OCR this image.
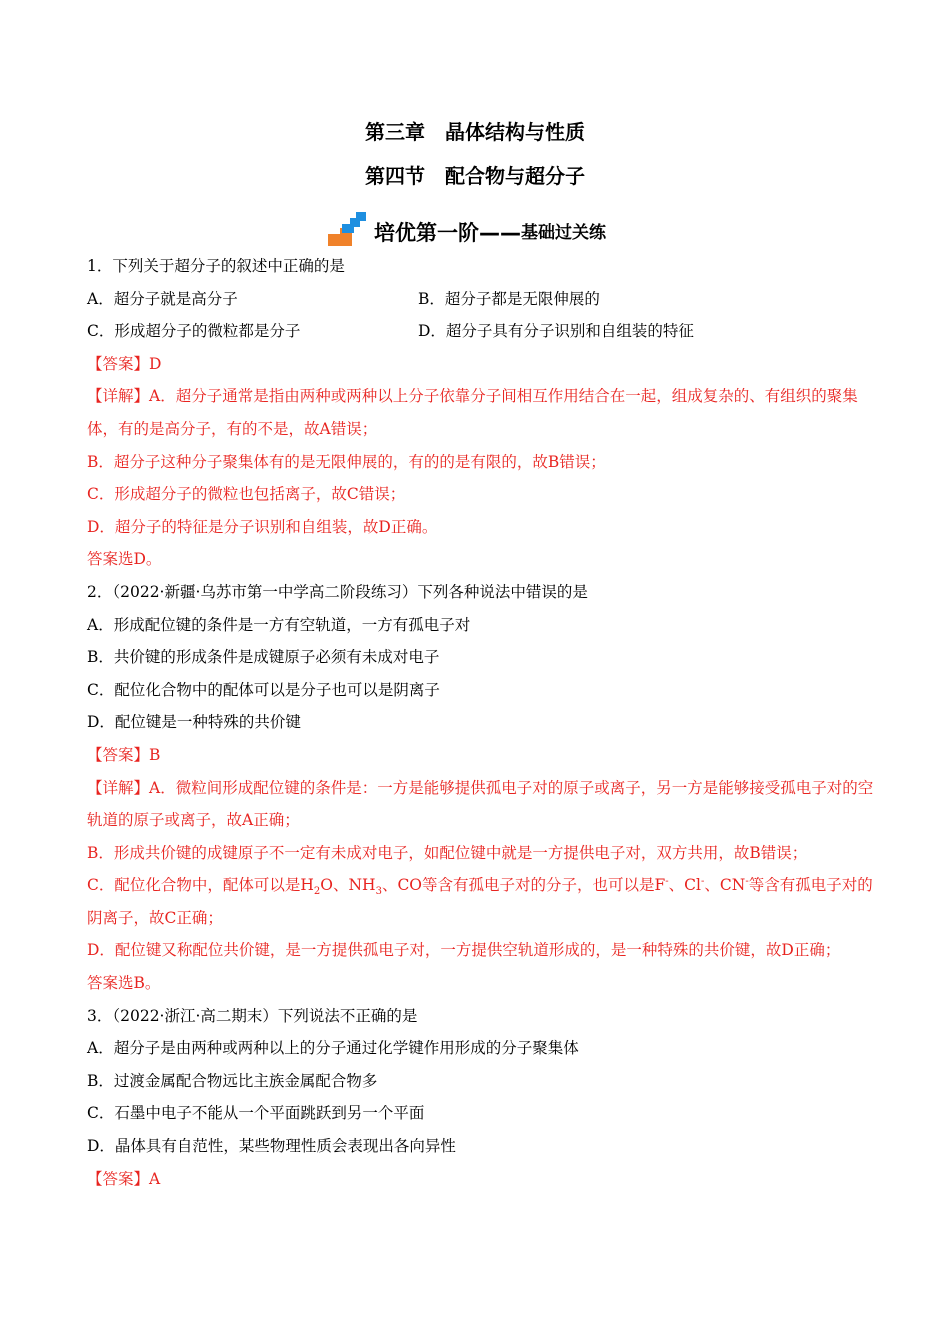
第三章　晶体结构与性质
第四节　配合物与超分子
培优第一阶 —— 基础过关练
1．下列关于超分子的叙述中正确的是
A．超分子就是高分子	B．超分子都是无限伸展的
C．形成超分子的微粒都是分子	D．超分子具有分子识别和自组装的特征
【答案】D
【详解】A．超分子通常是指由两种或两种以上分子依靠分子间相互作用结合在一起，组成复杂的、有组织的聚集体，有的是高分子，有的不是，故A错误；
B．超分子这种分子聚集体有的是无限伸展的，有的的是有限的，故B错误；
C．形成超分子的微粒也包括离子，故C错误；
D．超分子的特征是分子识别和自组装，故D正确。
答案选D。
2．（2022·新疆·乌苏市第一中学高二阶段练习）下列各种说法中错误的是
A．形成配位键的条件是一方有空轨道，一方有孤电子对
B．共价键的形成条件是成键原子必须有未成对电子
C．配位化合物中的配体可以是分子也可以是阴离子
D．配位键是一种特殊的共价键
【答案】B
【详解】A．微粒间形成配位键的条件是：一方是能够提供孤电子对的原子或离子，另一方是能够接受孤电子对的空轨道的原子或离子，故A正确；
B．形成共价键的成键原子不一定有未成对电子，如配位键中就是一方提供电子对，双方共用，故B错误；
C．配位化合物中，配体可以是$H_2O$、$NH_3$、CO等含有孤电子对的分子，也可以是F-、Cl-、CN-等含有孤电子对的阴离子，故C正确；
D．配位键又称配位共价键，是一方提供孤电子对，一方提供空轨道形成的，是一种特殊的共价键，故D正确；
答案选B。
3．（2022·浙江·高二期末）下列说法不正确的是
A．超分子是由两种或两种以上的分子通过化学键作用形成的分子聚集体
B．过渡金属配合物远比主族金属配合物多
C．石墨中电子不能从一个平面跳跃到另一个平面
D．晶体具有自范性，某些物理性质会表现出各向异性
【答案】A
